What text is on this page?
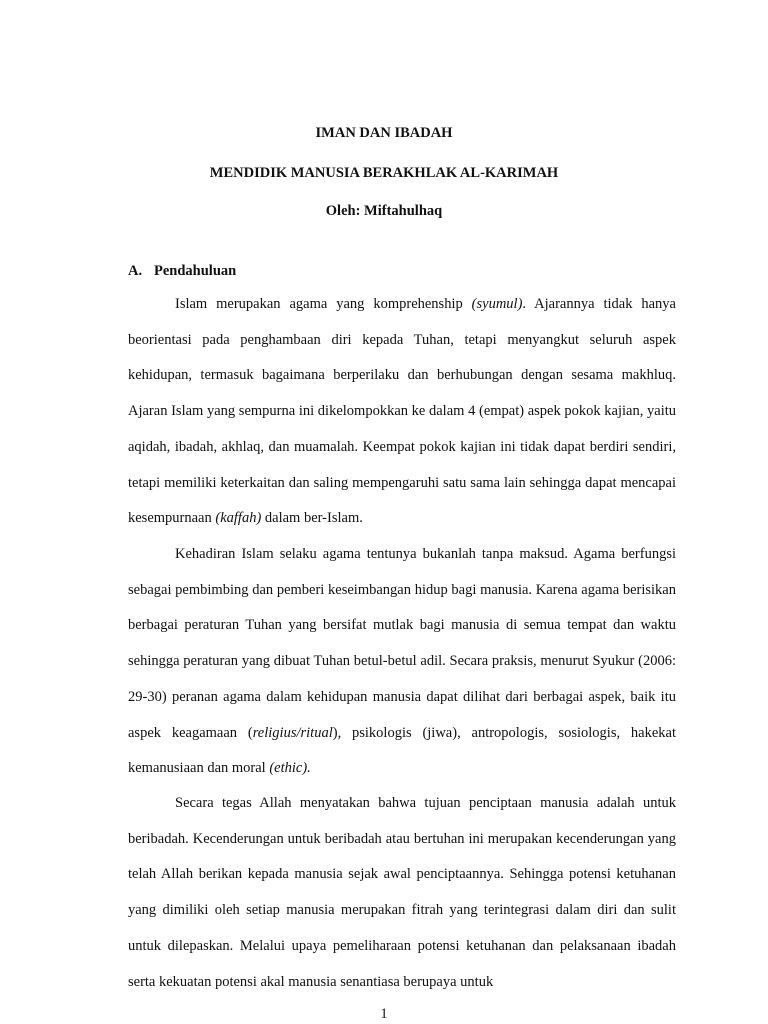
IMAN DAN IBADAH

MENDIDIK MANUSIA BERAKHLAK AL-KARIMAH

Oleh: Miftahulhaq

A. Pendahuluan

Islam merupakan agama yang komprehenship (syumul). Ajarannya tidak hanya beorientasi pada penghambaan diri kepada Tuhan, tetapi menyangkut seluruh aspek kehidupan, termasuk bagaimana berperilaku dan berhubungan dengan sesama makhluq. Ajaran Islam yang sempurna ini dikelompokkan ke dalam 4 (empat) aspek pokok kajian, yaitu aqidah, ibadah, akhlaq, dan muamalah. Keempat pokok kajian ini tidak dapat berdiri sendiri, tetapi memiliki keterkaitan dan saling mempengaruhi satu sama lain sehingga dapat mencapai kesempurnaan (kaffah) dalam ber-Islam.

Kehadiran Islam selaku agama tentunya bukanlah tanpa maksud. Agama berfungsi sebagai pembimbing dan pemberi keseimbangan hidup bagi manusia. Karena agama berisikan berbagai peraturan Tuhan yang bersifat mutlak bagi manusia di semua tempat dan waktu sehingga peraturan yang dibuat Tuhan betul-betul adil. Secara praksis, menurut Syukur (2006: 29-30) peranan agama dalam kehidupan manusia dapat dilihat dari berbagai aspek, baik itu aspek keagamaan (religius/ritual), psikologis (jiwa), antropologis, sosiologis, hakekat kemanusiaan dan moral (ethic).

Secara tegas Allah menyatakan bahwa tujuan penciptaan manusia adalah untuk beribadah. Kecenderungan untuk beribadah atau bertuhan ini merupakan kecenderungan yang telah Allah berikan kepada manusia sejak awal penciptaannya. Sehingga potensi ketuhanan yang dimiliki oleh setiap manusia merupakan fitrah yang terintegrasi dalam diri dan sulit untuk dilepaskan. Melalui upaya pemeliharaan potensi ketuhanan dan pelaksanaan ibadah serta kekuatan potensi akal manusia senantiasa berupaya untuk

1
